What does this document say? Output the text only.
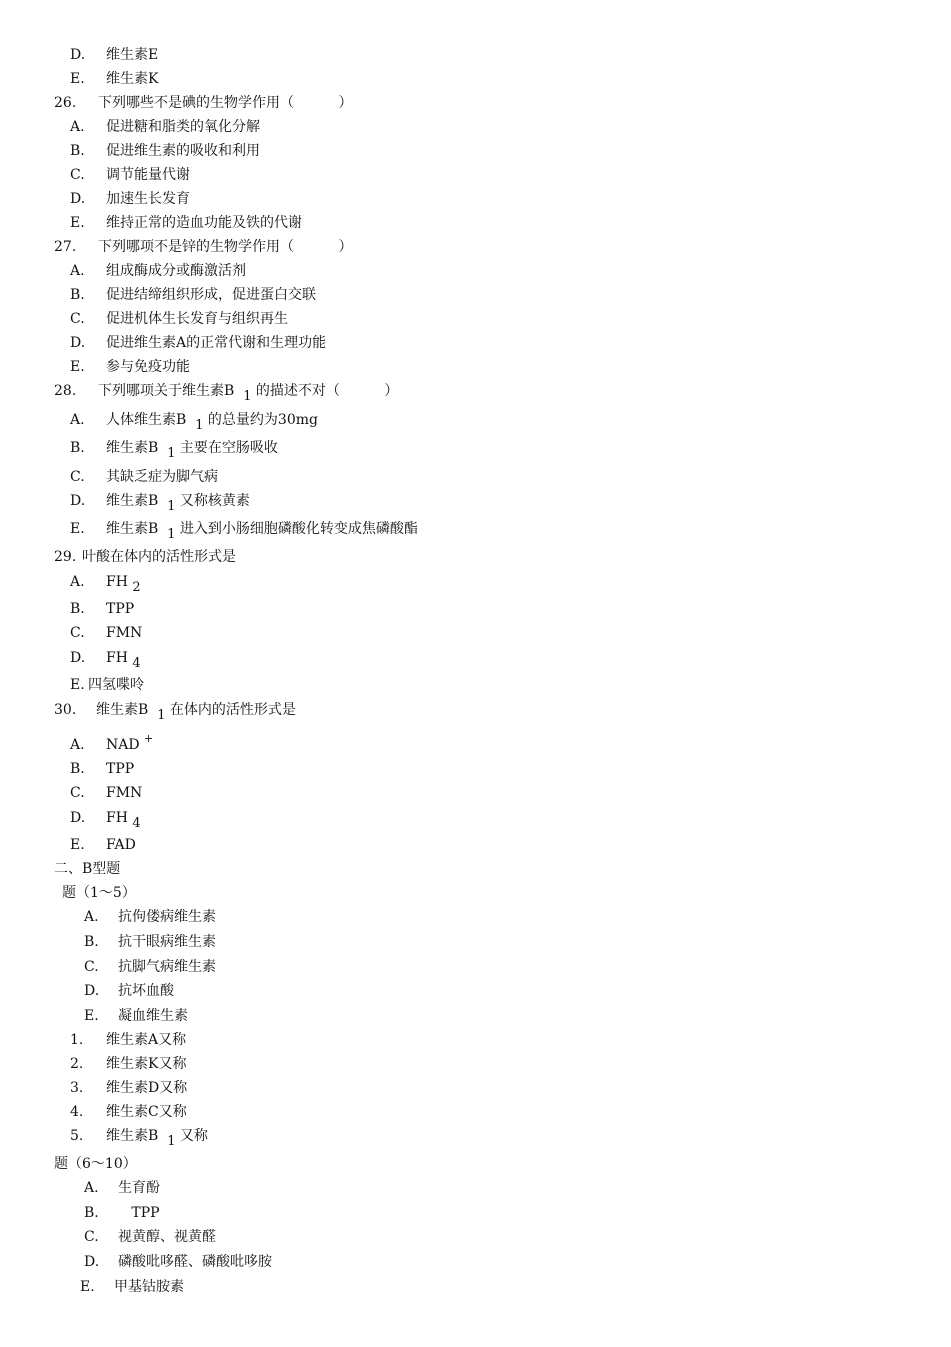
D. 维生素E
E. 维生素K
26. 下列哪些不是碘的生物学作用（          ）
A. 促进糖和脂类的氧化分解
B. 促进维生素的吸收和利用
C. 调节能量代谢
D. 加速生长发育
E. 维持正常的造血功能及铁的代谢
27. 下列哪项不是锌的生物学作用（          ）
A. 组成酶成分或酶激活剂
B. 促进结缔组织形成，促进蛋白交联
C. 促进机体生长发育与组织再生
D. 促进维生素A的正常代谢和生理功能
E. 参与免疫功能
28. 下列哪项关于维生素B  $_1$ 的描述不对（          ）
A. 人体维生素B  $_1$ 的总量约为30mg
B. 维生素B  $_1$ 主要在空肠吸收
C. 其缺乏症为脚气病
D. 维生素B  $_1$ 又称核黄素
E. 维生素B  $_1$ 进入到小肠细胞磷酸化转变成焦磷酸酯
29. 叶酸在体内的活性形式是
A. FH $_2$
B. TPP
C. FMN
D. FH $_4$
E. 四氢喋呤
30. 维生素B  $_1$ 在体内的活性形式是
A. NAD +
B. TPP
C. FMN
D. FH $_4$
E. FAD
二、B型题
题（1～5）
A. 抗佝偻病维生素
B. 抗干眼病维生素
C. 抗脚气病维生素
D. 抗坏血酸
E. 凝血维生素
1. 维生素A又称
2. 维生素K又称
3. 维生素D又称
4. 维生素C又称
5. 维生素B  $_1$ 又称
题（6～10）
A. 生育酚
B.   TPP
C. 视黄醇、视黄醛
D. 磷酸吡哆醛、磷酸吡哆胺
E. 甲基钴胺素
